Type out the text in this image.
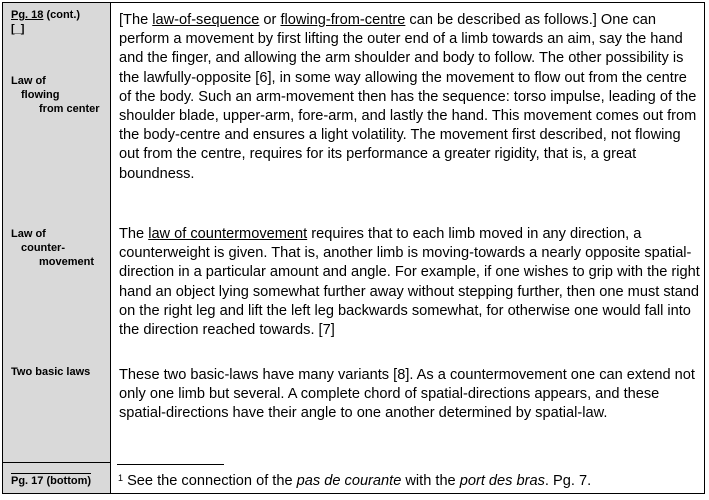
Pg. 18 (cont.)
[_]
Law of
flowing
from center
Law of
counter-
movement
Two basic laws
Pg. 17 (bottom)

[The law-of-sequence or flowing-from-centre can be described as follows.] One can perform a movement by first lifting the outer end of a limb towards an aim, say the hand and the finger, and allowing the arm shoulder and body to follow. The other possibility is the lawfully-opposite [6], in some way allowing the movement to flow out from the centre of the body. Such an arm-movement then has the sequence: torso impulse, leading of the shoulder blade, upper-arm, fore-arm, and lastly the hand. This movement comes out from the body-centre and ensures a light volatility. The movement first described, not flowing out from the centre, requires for its performance a greater rigidity, that is, a great boundness.

The law of countermovement requires that to each limb moved in any direction, a counterweight is given. That is, another limb is moving-towards a nearly opposite spatial-direction in a particular amount and angle. For example, if one wishes to grip with the right hand an object lying somewhat further away without stepping further, then one must stand on the right leg and lift the left leg backwards somewhat, for otherwise one would fall into the direction reached towards. [7]

These two basic-laws have many variants [8]. As a countermovement one can extend not only one limb but several. A complete chord of spatial-directions appears, and these spatial-directions have their angle to one another determined by spatial-law.

$^1$ See the connection of the pas de courante with the port des bras. Pg. 7.
